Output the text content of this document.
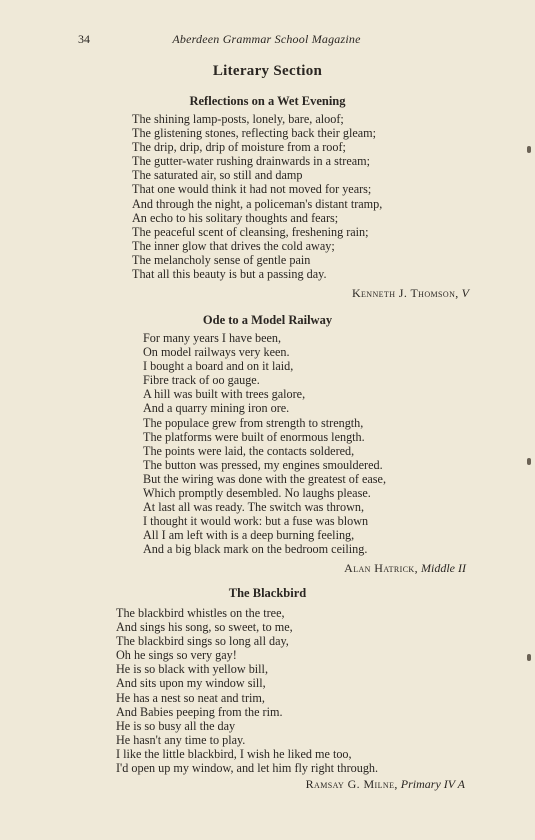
34	Aberdeen Grammar School Magazine
Literary Section
Reflections on a Wet Evening
The shining lamp-posts, lonely, bare, aloof;
The glistening stones, reflecting back their gleam;
The drip, drip, drip of moisture from a roof;
The gutter-water rushing drainwards in a stream;
The saturated air, so still and damp
That one would think it had not moved for years;
And through the night, a policeman's distant tramp,
An echo to his solitary thoughts and fears;
The peaceful scent of cleansing, freshening rain;
The inner glow that drives the cold away;
The melancholy sense of gentle pain
That all this beauty is but a passing day.
Kenneth J. Thomson, V
Ode to a Model Railway
For many years I have been,
On model railways very keen.
I bought a board and on it laid,
Fibre track of oo gauge.
A hill was built with trees galore,
And a quarry mining iron ore.
The populace grew from strength to strength,
The platforms were built of enormous length.
The points were laid, the contacts soldered,
The button was pressed, my engines smouldered.
But the wiring was done with the greatest of ease,
Which promptly desembled. No laughs please.
At last all was ready. The switch was thrown,
I thought it would work: but a fuse was blown
All I am left with is a deep burning feeling,
And a big black mark on the bedroom ceiling.
Alan Hatrick, Middle II
The Blackbird
The blackbird whistles on the tree,
And sings his song, so sweet, to me,
The blackbird sings so long all day,
Oh he sings so very gay!
He is so black with yellow bill,
And sits upon my window sill,
He has a nest so neat and trim,
And Babies peeping from the rim.
He is so busy all the day
He hasn't any time to play.
I like the little blackbird, I wish he liked me too,
I'd open up my window, and let him fly right through.
Ramsay G. Milne, Primary IV A
